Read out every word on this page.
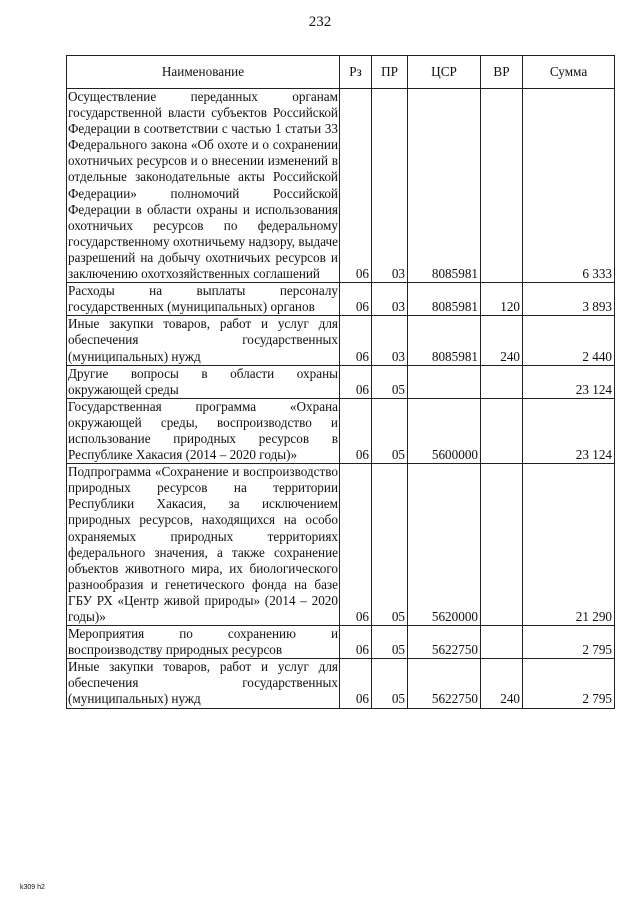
232
Наименование	Рз	ПР	ЦСР	ВР	Сумма
Осуществление переданных органам государственной власти субъектов Российской Федерации в соответствии с частью 1 статьи 33 Федерального закона «Об охоте и о сохранении охотничьих ресурсов и о внесении изменений в отдельные законодательные акты Российской Федерации» полномочий Российской Федерации в области охраны и использования охотничьих ресурсов по федеральному государственному охотничьему надзору, выдаче разрешений на добычу охотничьих ресурсов и заключению охотхозяйственных соглашений	06	03	8085981		6 333
Расходы на выплаты персоналу государственных (муниципальных) органов	06	03	8085981	120	3 893
Иные закупки товаров, работ и услуг для обеспечения государственных (муниципальных) нужд	06	03	8085981	240	2 440
Другие вопросы в области охраны окружающей среды	06	05			23 124
Государственная программа «Охрана окружающей среды, воспроизводство и использование природных ресурсов в Республике Хакасия (2014 – 2020 годы)»	06	05	5600000		23 124
Подпрограмма «Сохранение и воспроизводство природных ресурсов на территории Республики Хакасия, за исключением природных ресурсов, находящихся на особо охраняемых природных территориях федерального значения, а также сохранение объектов животного мира, их биологического разнообразия и генетического фонда на базе ГБУ РХ «Центр живой природы» (2014 – 2020 годы)»	06	05	5620000		21 290
Мероприятия по сохранению и воспроизводству природных ресурсов	06	05	5622750		2 795
Иные закупки товаров, работ и услуг для обеспечения государственных (муниципальных) нужд	06	05	5622750	240	2 795
k309 h2
